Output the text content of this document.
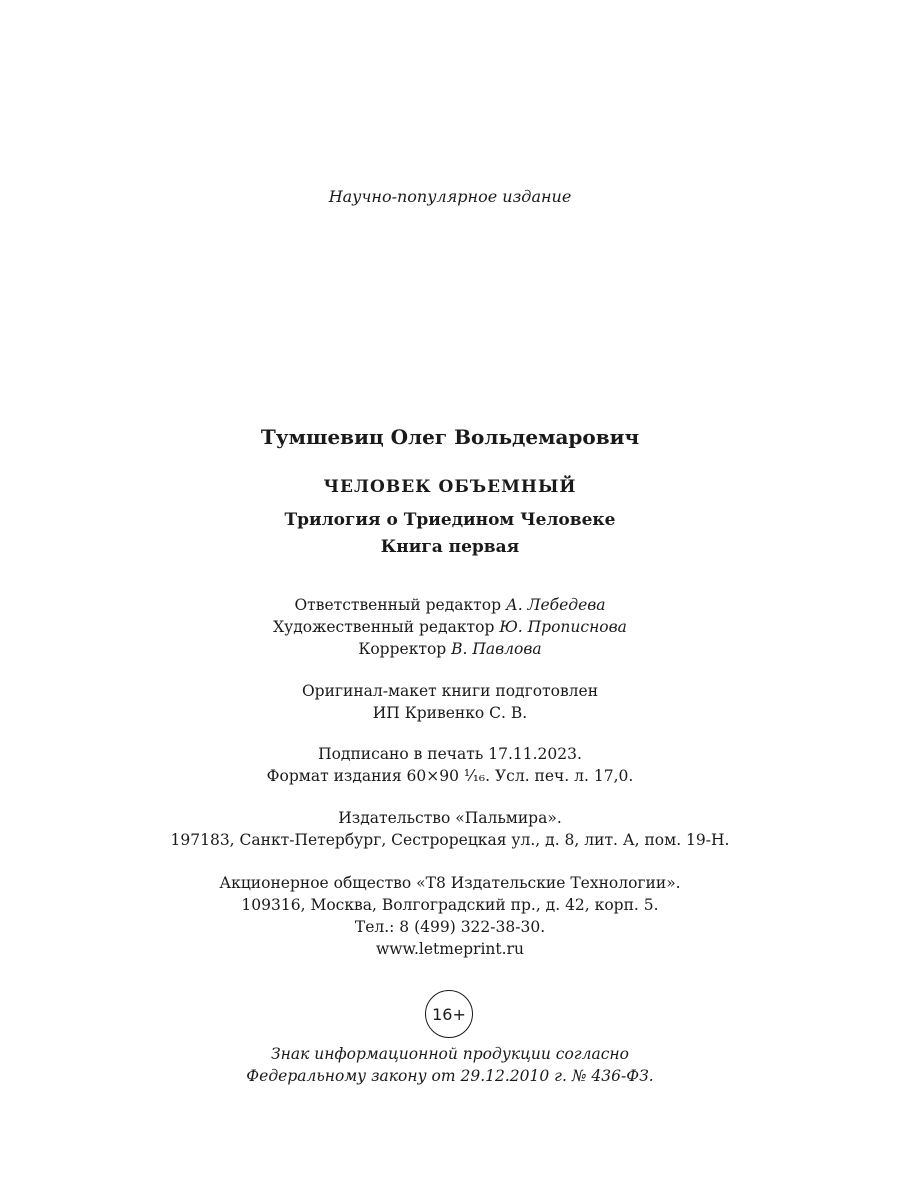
Научно-популярное издание
Тумшевиц Олег Вольдемарович
ЧЕЛОВЕК ОБЪЕМНЫЙ
Трилогия о Триедином Человеке
Книга первая
Ответственный редактор А. Лебедева
Художественный редактор Ю. Прописнова
Корректор В. Павлова
Оригинал-макет книги подготовлен
ИП Кривенко С. В.
Подписано в печать 17.11.2023.
Формат издания 60×90 ¹⁄₁₆. Усл. печ. л. 17,0.
Издательство «Пальмира».
197183, Санкт-Петербург, Сестрорецкая ул., д. 8, лит. А, пом. 19-Н.
Акционерное общество «Т8 Издательские Технологии».
109316, Москва, Волгоградский пр., д. 42, корп. 5.
Тел.: 8 (499) 322-38-30.
www.letmeprint.ru
16+
Знак информационной продукции согласно
Федеральному закону от 29.12.2010 г. № 436-ФЗ.
